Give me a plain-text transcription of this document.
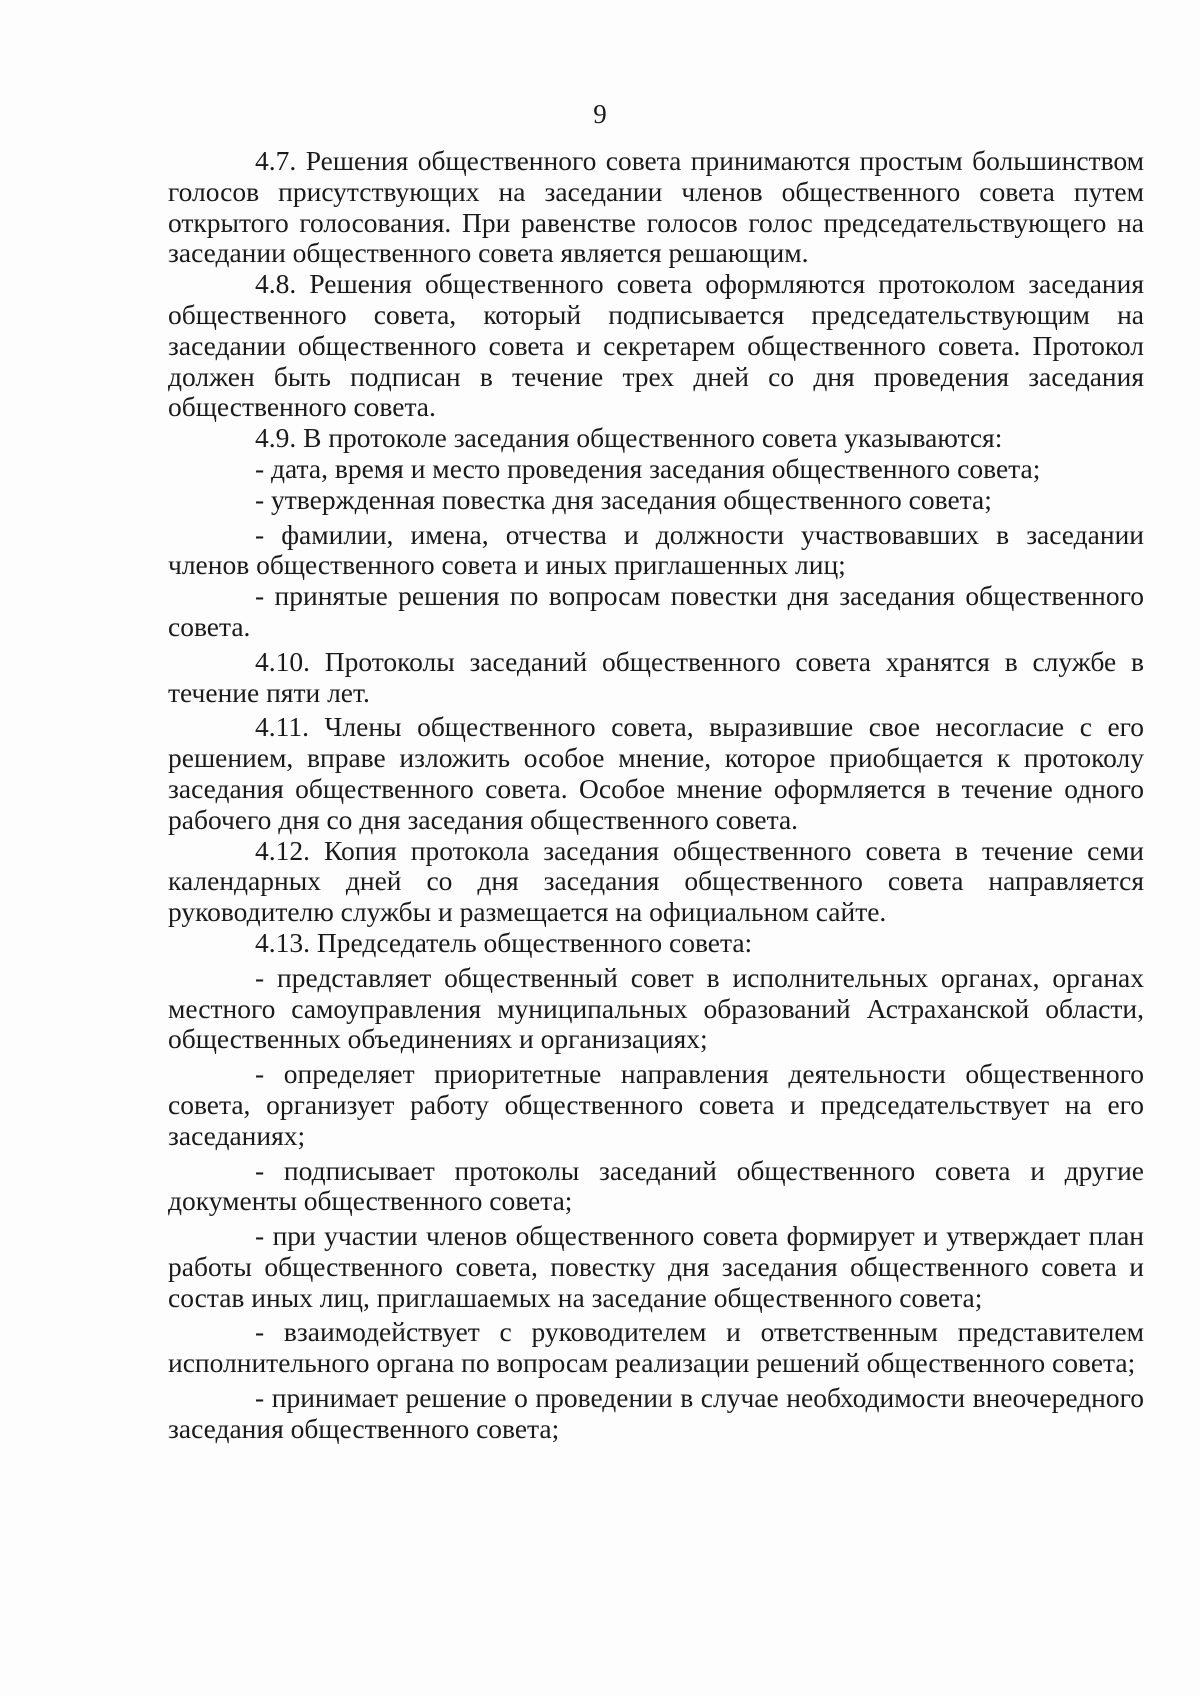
9

4.7. Решения общественного совета принимаются простым большинством голосов присутствующих на заседании членов общественного совета путем открытого голосования. При равенстве голосов голос председательствующего на заседании общественного совета является решающим.

4.8. Решения общественного совета оформляются протоколом заседания общественного совета, который подписывается председательствующим на заседании общественного совета и секретарем общественного совета. Протокол должен быть подписан в течение трех дней со дня проведения заседания общественного совета.

4.9. В протоколе заседания общественного совета указываются:

- дата, время и место проведения заседания общественного совета;

- утвержденная повестка дня заседания общественного совета;

- фамилии, имена, отчества и должности участвовавших в заседании членов общественного совета и иных приглашенных лиц;

- принятые решения по вопросам повестки дня заседания общественного совета.

4.10. Протоколы заседаний общественного совета хранятся в службе в течение пяти лет.

4.11. Члены общественного совета, выразившие свое несогласие с его решением, вправе изложить особое мнение, которое приобщается к протоколу заседания общественного совета. Особое мнение оформляется в течение одного рабочего дня со дня заседания общественного совета.

4.12. Копия протокола заседания общественного совета в течение семи календарных дней со дня заседания общественного совета направляется руководителю службы и размещается на официальном сайте.

4.13. Председатель общественного совета:

- представляет общественный совет в исполнительных органах, органах местного самоуправления муниципальных образований Астраханской области, общественных объединениях и организациях;

- определяет приоритетные направления деятельности общественного совета, организует работу общественного совета и председательствует на его заседаниях;

- подписывает протоколы заседаний общественного совета и другие документы общественного совета;

- при участии членов общественного совета формирует и утверждает план работы общественного совета, повестку дня заседания общественного совета и состав иных лиц, приглашаемых на заседание общественного совета;

- взаимодействует с руководителем и ответственным представителем исполнительного органа по вопросам реализации решений общественного совета;

- принимает решение о проведении в случае необходимости внеочередного заседания общественного совета;
